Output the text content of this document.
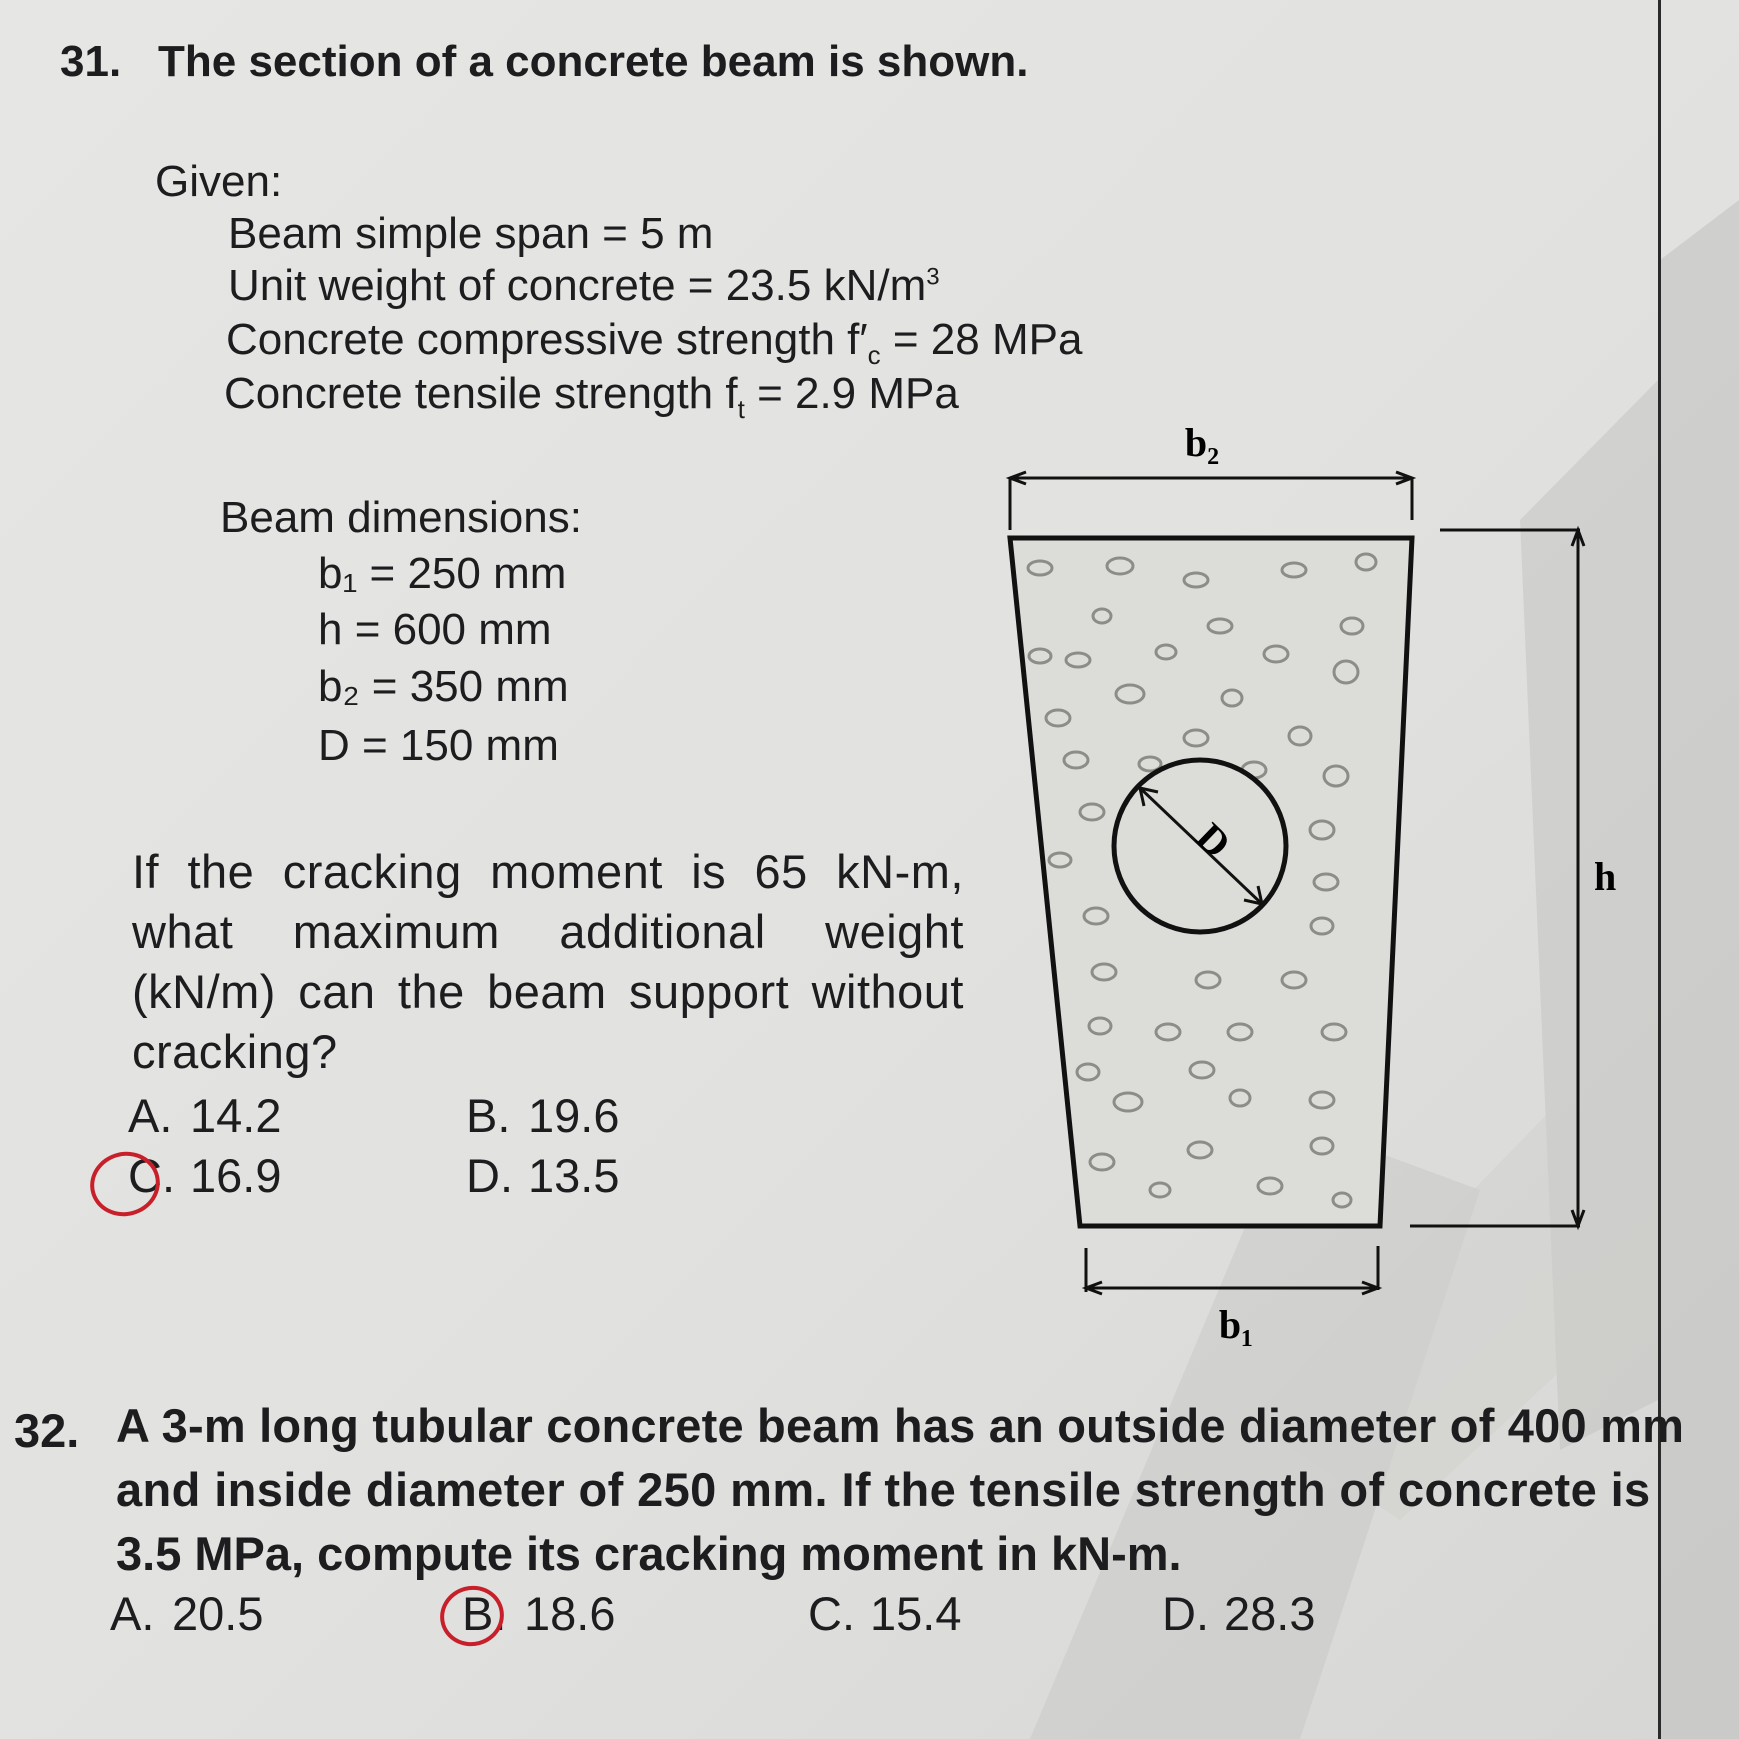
31. The section of a concrete beam is shown.
Given:
Beam simple span = 5 m
Unit weight of concrete = 23.5 $kN/m^3$
Concrete compressive strength $f'_c = 28$ MPa
Concrete tensile strength $f_t = 2.9$ MPa
Beam dimensions:
b₁ = 250 mm
h = 600 mm
b₂ = 350 mm
D = 150 mm
If the cracking moment is 65 kN-m, what maximum additional weight (kN/m) can the beam support without cracking?
A. 14.2	B. 19.6
C. 16.9	D. 13.5
b₂
D
h
b₁
32. A 3-m long tubular concrete beam has an outside diameter of 400 mm
and inside diameter of 250 mm. If the tensile strength of concrete is
3.5 MPa, compute its cracking moment in kN-m.
A. 20.5	B. 18.6	C. 15.4	D. 28.3
